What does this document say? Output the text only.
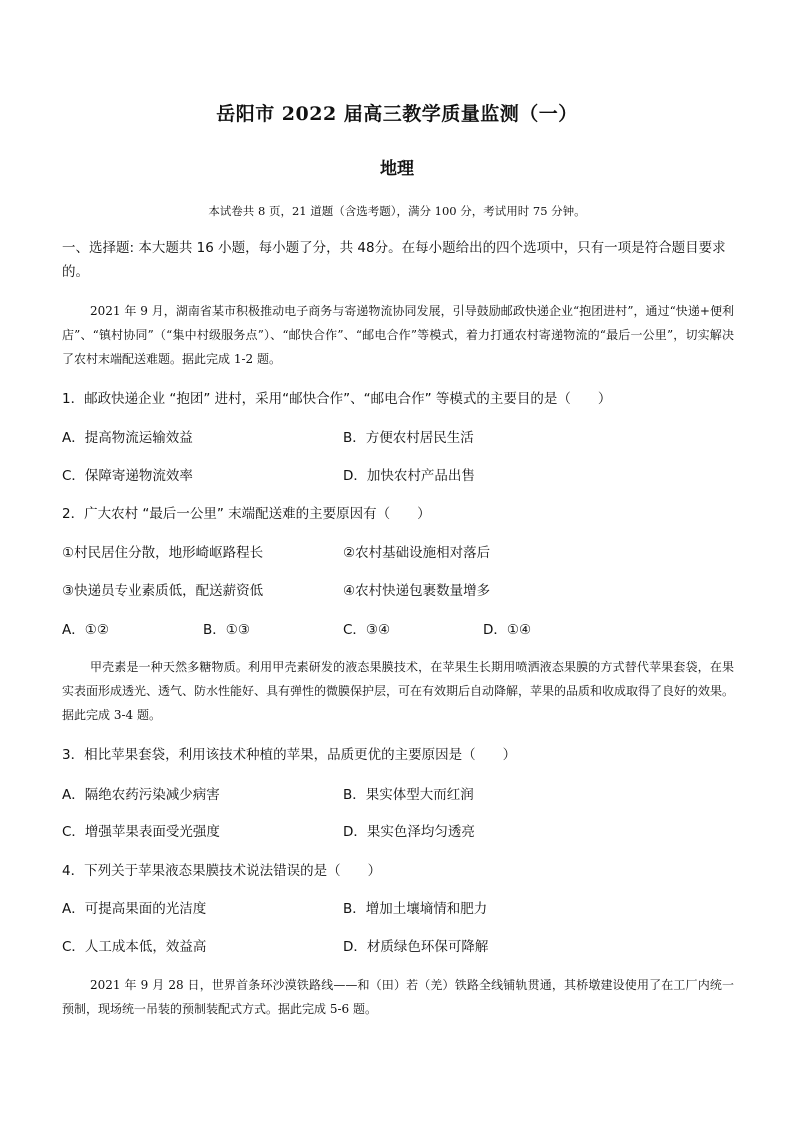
岳阳市 2022 届高三教学质量监测（一）
地理
本试卷共 8 页，21 道题（含选考题），满分 100 分，考试用时 75 分钟。
一、选择题: 本大题共 16 小题，每小题了分，共 48分。在每小题给出的四个选项中，只有一项是符合题目要求的。
2021 年 9 月，湖南省某市积极推动电子商务与寄递物流协同发展，引导鼓励邮政快递企业“抱团进村”，通过“快递+便利店”、“镇村协同”（“集中村级服务点”）、“邮快合作”、“邮电合作”等模式，着力打通农村寄递物流的“最后一公里”，切实解决了农村末端配送难题。据此完成 1-2 题。
1．邮政快递企业 “抱团” 进村，采用“邮快合作”、“邮电合作” 等模式的主要目的是（　　）
A．提高物流运输效益	B．方便农村居民生活
C．保障寄递物流效率	D．加快农村产品出售
2．广大农村 “最后一公里” 末端配送难的主要原因有（　　）
①村民居住分散，地形崎岖路程长	②农村基础设施相对落后
③快递员专业素质低，配送薪资低	④农村快递包裹数量增多
A．①②	B．①③	C．③④	D．①④
甲壳素是一种天然多糖物质。利用甲壳素研发的液态果膜技术，在苹果生长期用喷洒液态果膜的方式替代苹果套袋，在果实表面形成透光、透气、防水性能好、具有弹性的微膜保护层，可在有效期后自动降解，苹果的品质和收成取得了良好的效果。据此完成 3-4 题。
3．相比苹果套袋，利用该技术种植的苹果，品质更优的主要原因是（　　）
A．隔绝农药污染减少病害	B．果实体型大而红润
C．增强苹果表面受光强度	D．果实色泽均匀透亮
4．下列关于苹果液态果膜技术说法错误的是（　　）
A．可提高果面的光洁度	B．增加土壤墒情和肥力
C．人工成本低，效益高	D．材质绿色环保可降解
2021 年 9 月 28 日，世界首条环沙漠铁路线——和（田）若（羌）铁路全线铺轨贯通，其桥墩建设使用了在工厂内统一预制，现场统一吊装的预制装配式方式。据此完成 5-6 题。
